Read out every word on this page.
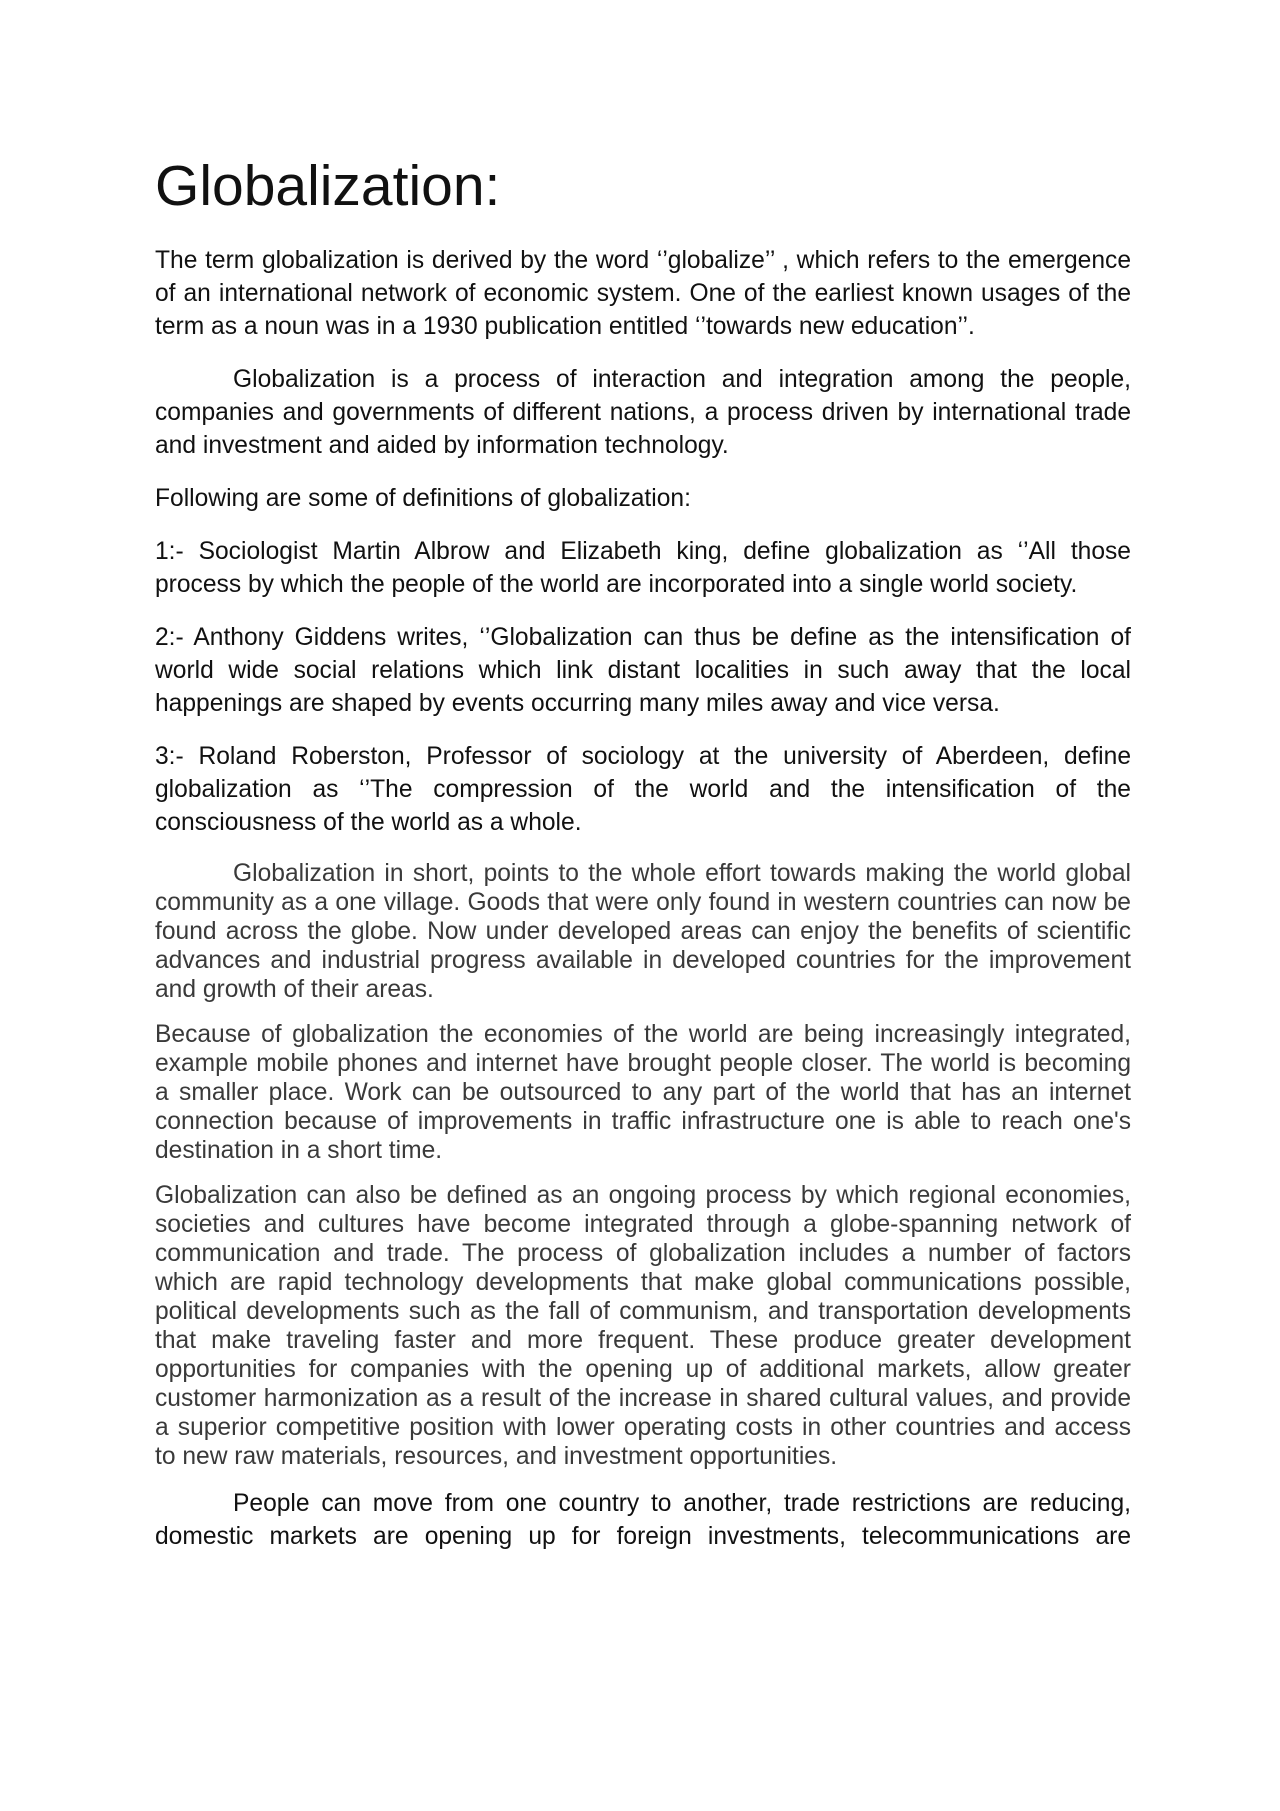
Globalization:

The term globalization is derived by the word ‘’globalize’’ , which refers to the emergence of an international network of economic system. One of the earliest known usages of the term as a noun was in a 1930 publication entitled ‘’towards new education’’.

Globalization is a process of interaction and integration among the people, companies and governments of different nations, a process driven by international trade and investment and aided by information technology.

Following are some of definitions of globalization:

1:- Sociologist Martin Albrow and Elizabeth king, define globalization as ‘’All those process by which the people of the world are incorporated into a single world society.

2:- Anthony Giddens writes, ‘’Globalization can thus be define as the intensification of world wide social relations which link distant localities in such away that the local happenings are shaped by events occurring many miles away and vice versa.

3:- Roland Roberston, Professor of sociology at the university of Aberdeen, define globalization as ‘’The compression of the world and the intensification of the consciousness of the world as a whole.

Globalization in short, points to the whole effort towards making the world global community as a one village. Goods that were only found in western countries can now be found across the globe. Now under developed areas can enjoy the benefits of scientific advances and industrial progress available in developed countries for the improvement and growth of their areas.

Because of globalization the economies of the world are being increasingly integrated, example mobile phones and internet have brought people closer. The world is becoming a smaller place. Work can be outsourced to any part of the world that has an internet connection because of improvements in traffic infrastructure one is able to reach one's destination in a short time.

Globalization can also be defined as an ongoing process by which regional economies, societies and cultures have become integrated through a globe-spanning network of communication and trade. The process of globalization includes a number of factors which are rapid technology developments that make global communications possible, political developments such as the fall of communism, and transportation developments that make traveling faster and more frequent. These produce greater development opportunities for companies with the opening up of additional markets, allow greater customer harmonization as a result of the increase in shared cultural values, and provide a superior competitive position with lower operating costs in other countries and access to new raw materials, resources, and investment opportunities.

People can move from one country to another, trade restrictions are reducing, domestic markets are opening up for foreign investments, telecommunications are
